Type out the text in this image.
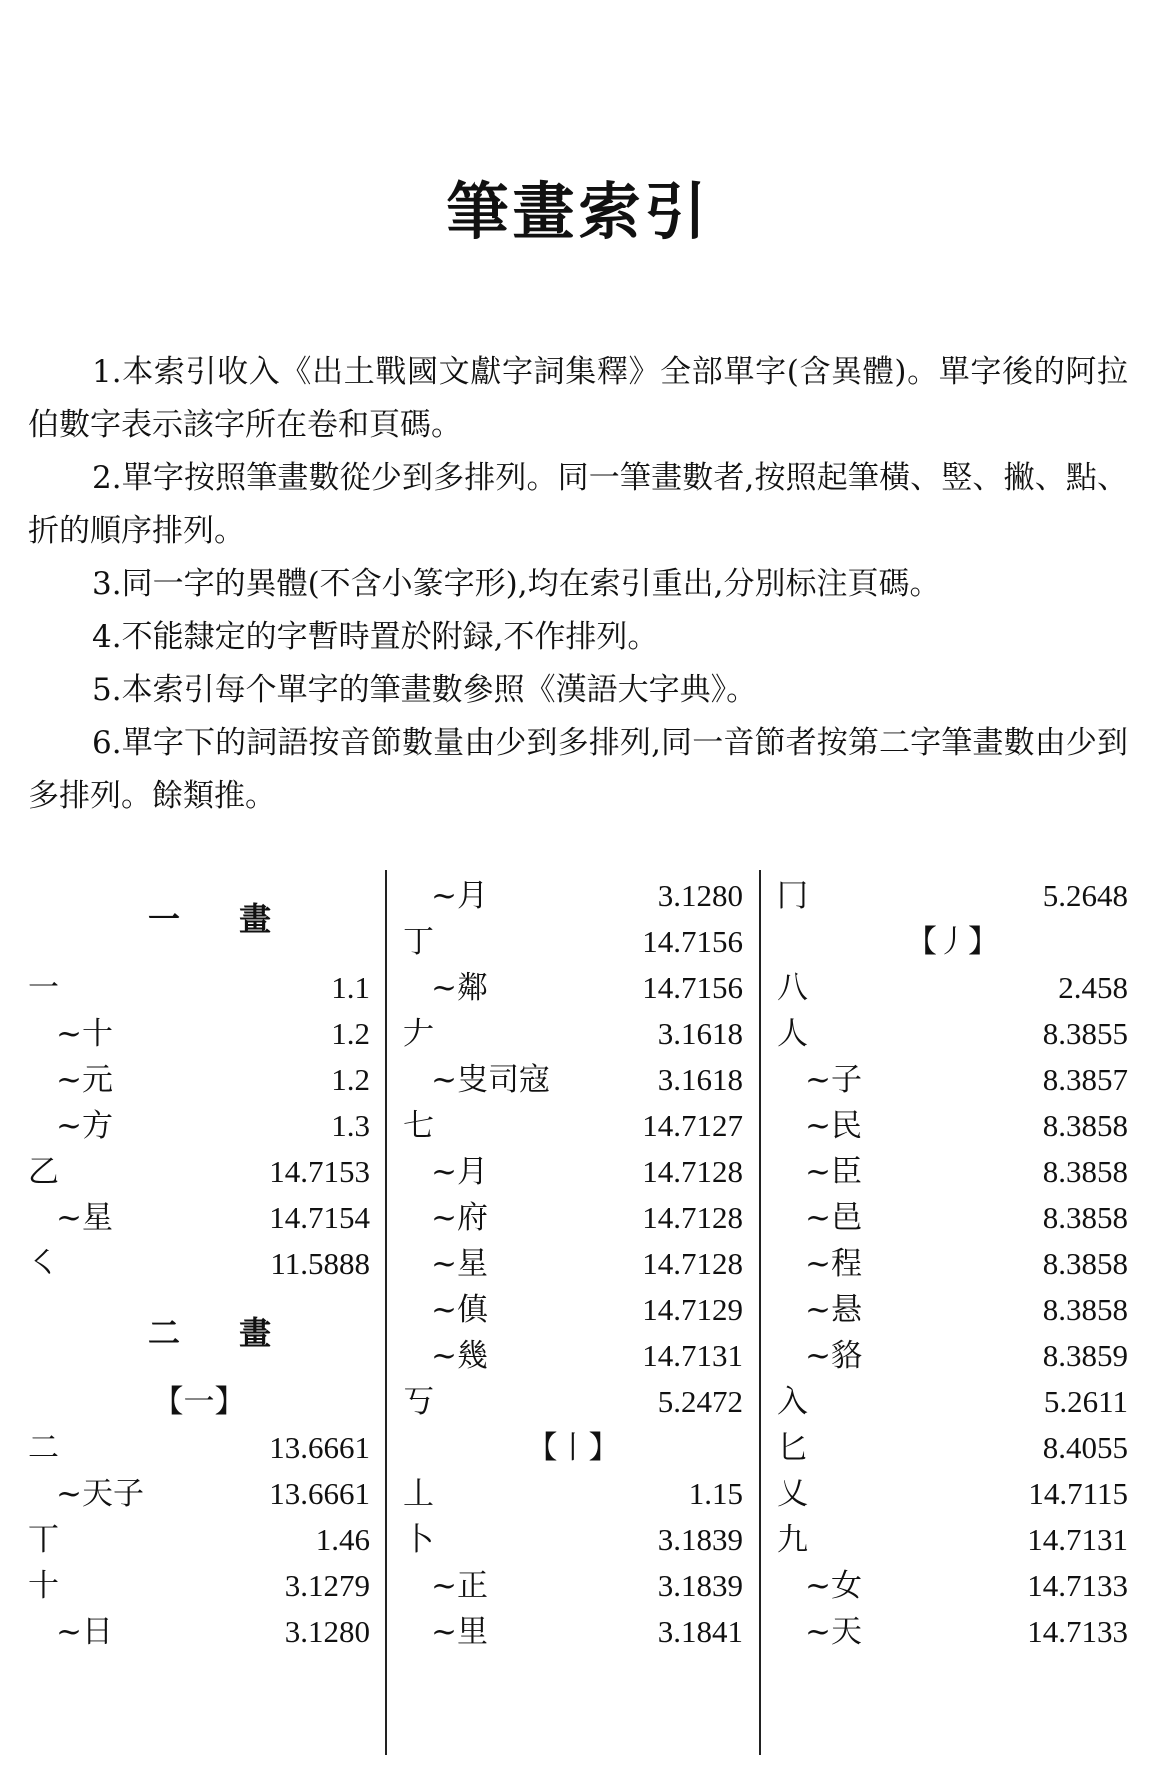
筆畫索引

1.本索引收入《出土戰國文獻字詞集釋》全部單字(含異體)。單字後的阿拉伯數字表示該字所在卷和頁碼。

2.單字按照筆畫數從少到多排列。同一筆畫數者,按照起筆橫、竪、撇、點、折的順序排列。

3.同一字的異體(不含小篆字形),均在索引重出,分別标注頁碼。

4.不能隸定的字暫時置於附録,不作排列。

5.本索引每个單字的筆畫數參照《漢語大字典》。

6.單字下的詞語按音節數量由少到多排列,同一音節者按第二字筆畫數由少到多排列。餘類推。

一 畫
一	1.1
~十	1.2
~元	1.2
~方	1.3
乙	14.7153
~星	14.7154
㇛	11.5888
二 畫
【一】
二	13.6661
~天子	13.6661
丅	1.46
十	3.1279
~日	3.1280
~月	3.1280
丁	14.7156
~鄰	14.7156
𠂇	3.1618
~㕜司寇	3.1618
七	14.7127
~月	14.7128
~府	14.7128
~星	14.7128
~傎	14.7129
~幾	14.7131
丂	5.2472
【丨】
丄	1.15
卜	3.1839
~正	3.1839
~里	3.1841
冂	5.2648
【丿】
八	2.458
人	8.3855
~子	8.3857
~民	8.3858
~臣	8.3858
~邑	8.3858
~程	8.3858
~悬	8.3858
~貉	8.3859
入	5.2611
匕	8.4055
乂	14.7115
九	14.7131
~女	14.7133
~天	14.7133
